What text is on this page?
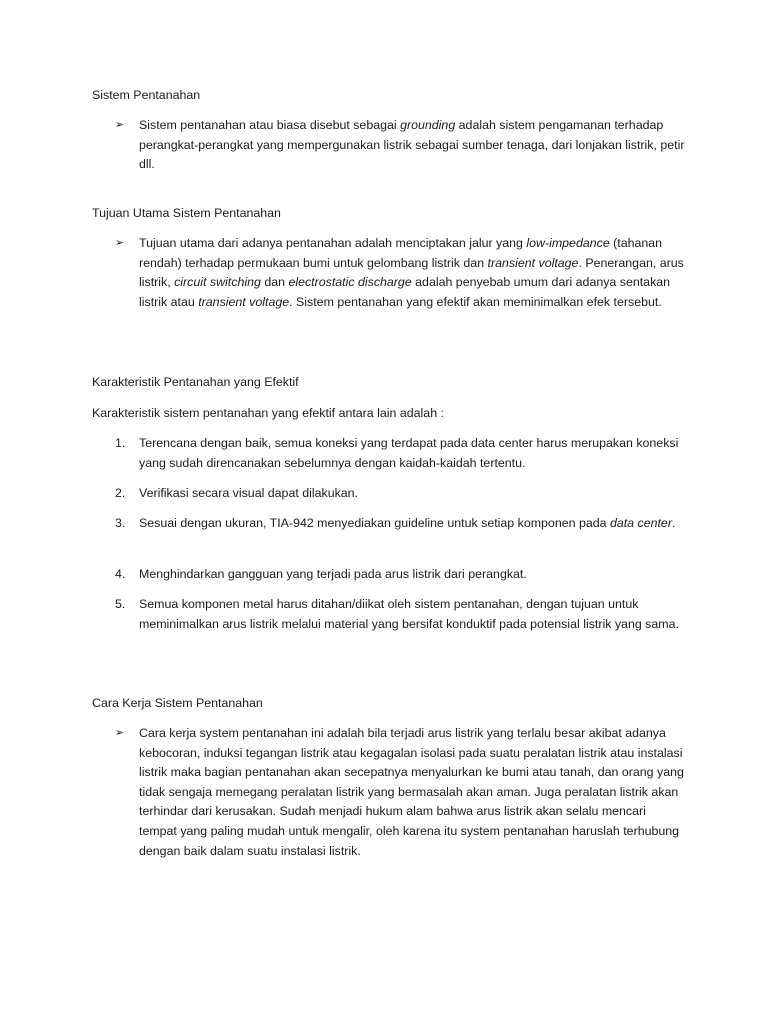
Sistem Pentanahan

➢ Sistem pentanahan atau biasa disebut sebagai grounding adalah sistem pengamanan terhadap perangkat-perangkat yang mempergunakan listrik sebagai sumber tenaga, dari lonjakan listrik, petir dll.

Tujuan Utama Sistem Pentanahan

➢ Tujuan utama dari adanya pentanahan adalah menciptakan jalur yang low-impedance (tahanan rendah) terhadap permukaan bumi untuk gelombang listrik dan transient voltage. Penerangan, arus listrik, circuit switching dan electrostatic discharge adalah penyebab umum dari adanya sentakan listrik atau transient voltage. Sistem pentanahan yang efektif akan meminimalkan efek tersebut.

Karakteristik Pentanahan yang Efektif

Karakteristik sistem pentanahan yang efektif antara lain adalah :

1. Terencana dengan baik, semua koneksi yang terdapat pada data center harus merupakan koneksi yang sudah direncanakan sebelumnya dengan kaidah-kaidah tertentu.
2. Verifikasi secara visual dapat dilakukan.
3. Sesuai dengan ukuran, TIA-942 menyediakan guideline untuk setiap komponen pada data center.
4. Menghindarkan gangguan yang terjadi pada arus listrik dari perangkat.
5. Semua komponen metal harus ditahan/diikat oleh sistem pentanahan, dengan tujuan untuk meminimalkan arus listrik melalui material yang bersifat konduktif pada potensial listrik yang sama.

Cara Kerja Sistem Pentanahan

➢ Cara kerja system pentanahan ini adalah bila terjadi arus listrik yang terlalu besar akibat adanya kebocoran, induksi tegangan listrik atau kegagalan isolasi pada suatu peralatan listrik atau instalasi listrik maka bagian pentanahan akan secepatnya menyalurkan ke bumi atau tanah, dan orang yang tidak sengaja memegang peralatan listrik yang bermasalah akan aman. Juga peralatan listrik akan terhindar dari kerusakan. Sudah menjadi hukum alam bahwa arus listrik akan selalu mencari tempat yang paling mudah untuk mengalir, oleh karena itu system pentanahan haruslah terhubung dengan baik dalam suatu instalasi listrik.
